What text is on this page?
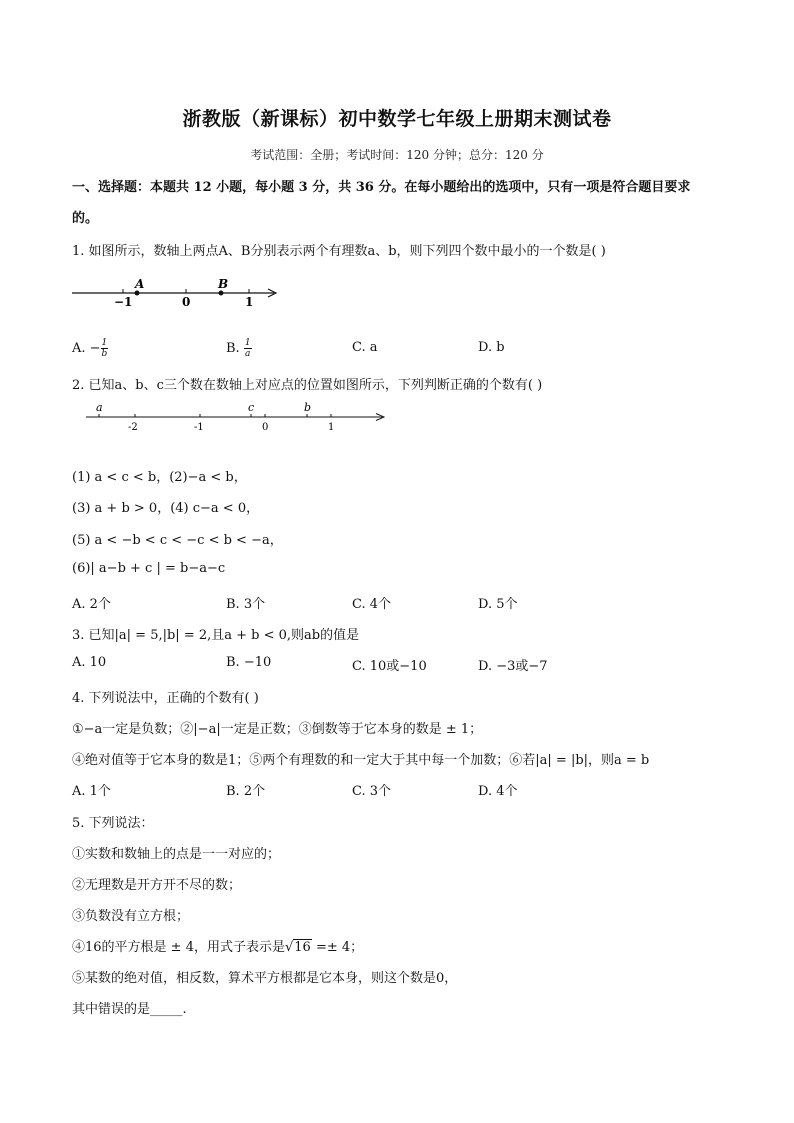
浙教版（新课标）初中数学七年级上册期末测试卷
考试范围：全册；考试时间：120 分钟；总分：120 分
一、选择题：本题共 12 小题，每小题 3 分，共 36 分。在每小题给出的选项中，只有一项是符合题目要求
的。
1. 如图所示，数轴上两点A、B分别表示两个有理数a、b，则下列四个数中最小的一个数是( )
A	B
−1	0	1
A. − $\frac{1}{b}$	B. $\frac{1}{a}$	C. a	D. b
2. 已知a、b、c三个数在数轴上对应点的位置如图所示，下列判断正确的个数有( )
a	c	b
-2	-1	0	1
(1) a < c < b，(2)−a < b，
(3) a + b > 0，(4) c−a < 0，
(5) a < −b < c < −c < b < −a，
(6)| a−b + c | = b−a−c
A. 2个	B. 3个	C. 4个	D. 5个
3. 已知|a| = 5,|b| = 2,且a + b < 0,则ab的值是
A. 10	B. −10	C. 10或−10	D. −3或−7
4. 下列说法中，正确的个数有( )
①−a一定是负数；②|−a|一定是正数；③倒数等于它本身的数是 ± 1；
④绝对值等于它本身的数是1；⑤两个有理数的和一定大于其中每一个加数；⑥若|a| = |b|，则a = b
A. 1个	B. 2个	C. 3个	D. 4个
5. 下列说法：
①实数和数轴上的点是一一对应的；
②无理数是开方开不尽的数；
③负数没有立方根；
④16的平方根是 ± 4，用式子表示是√16 =± 4；
⑤某数的绝对值，相反数，算术平方根都是它本身，则这个数是0，
其中错误的是_____.
